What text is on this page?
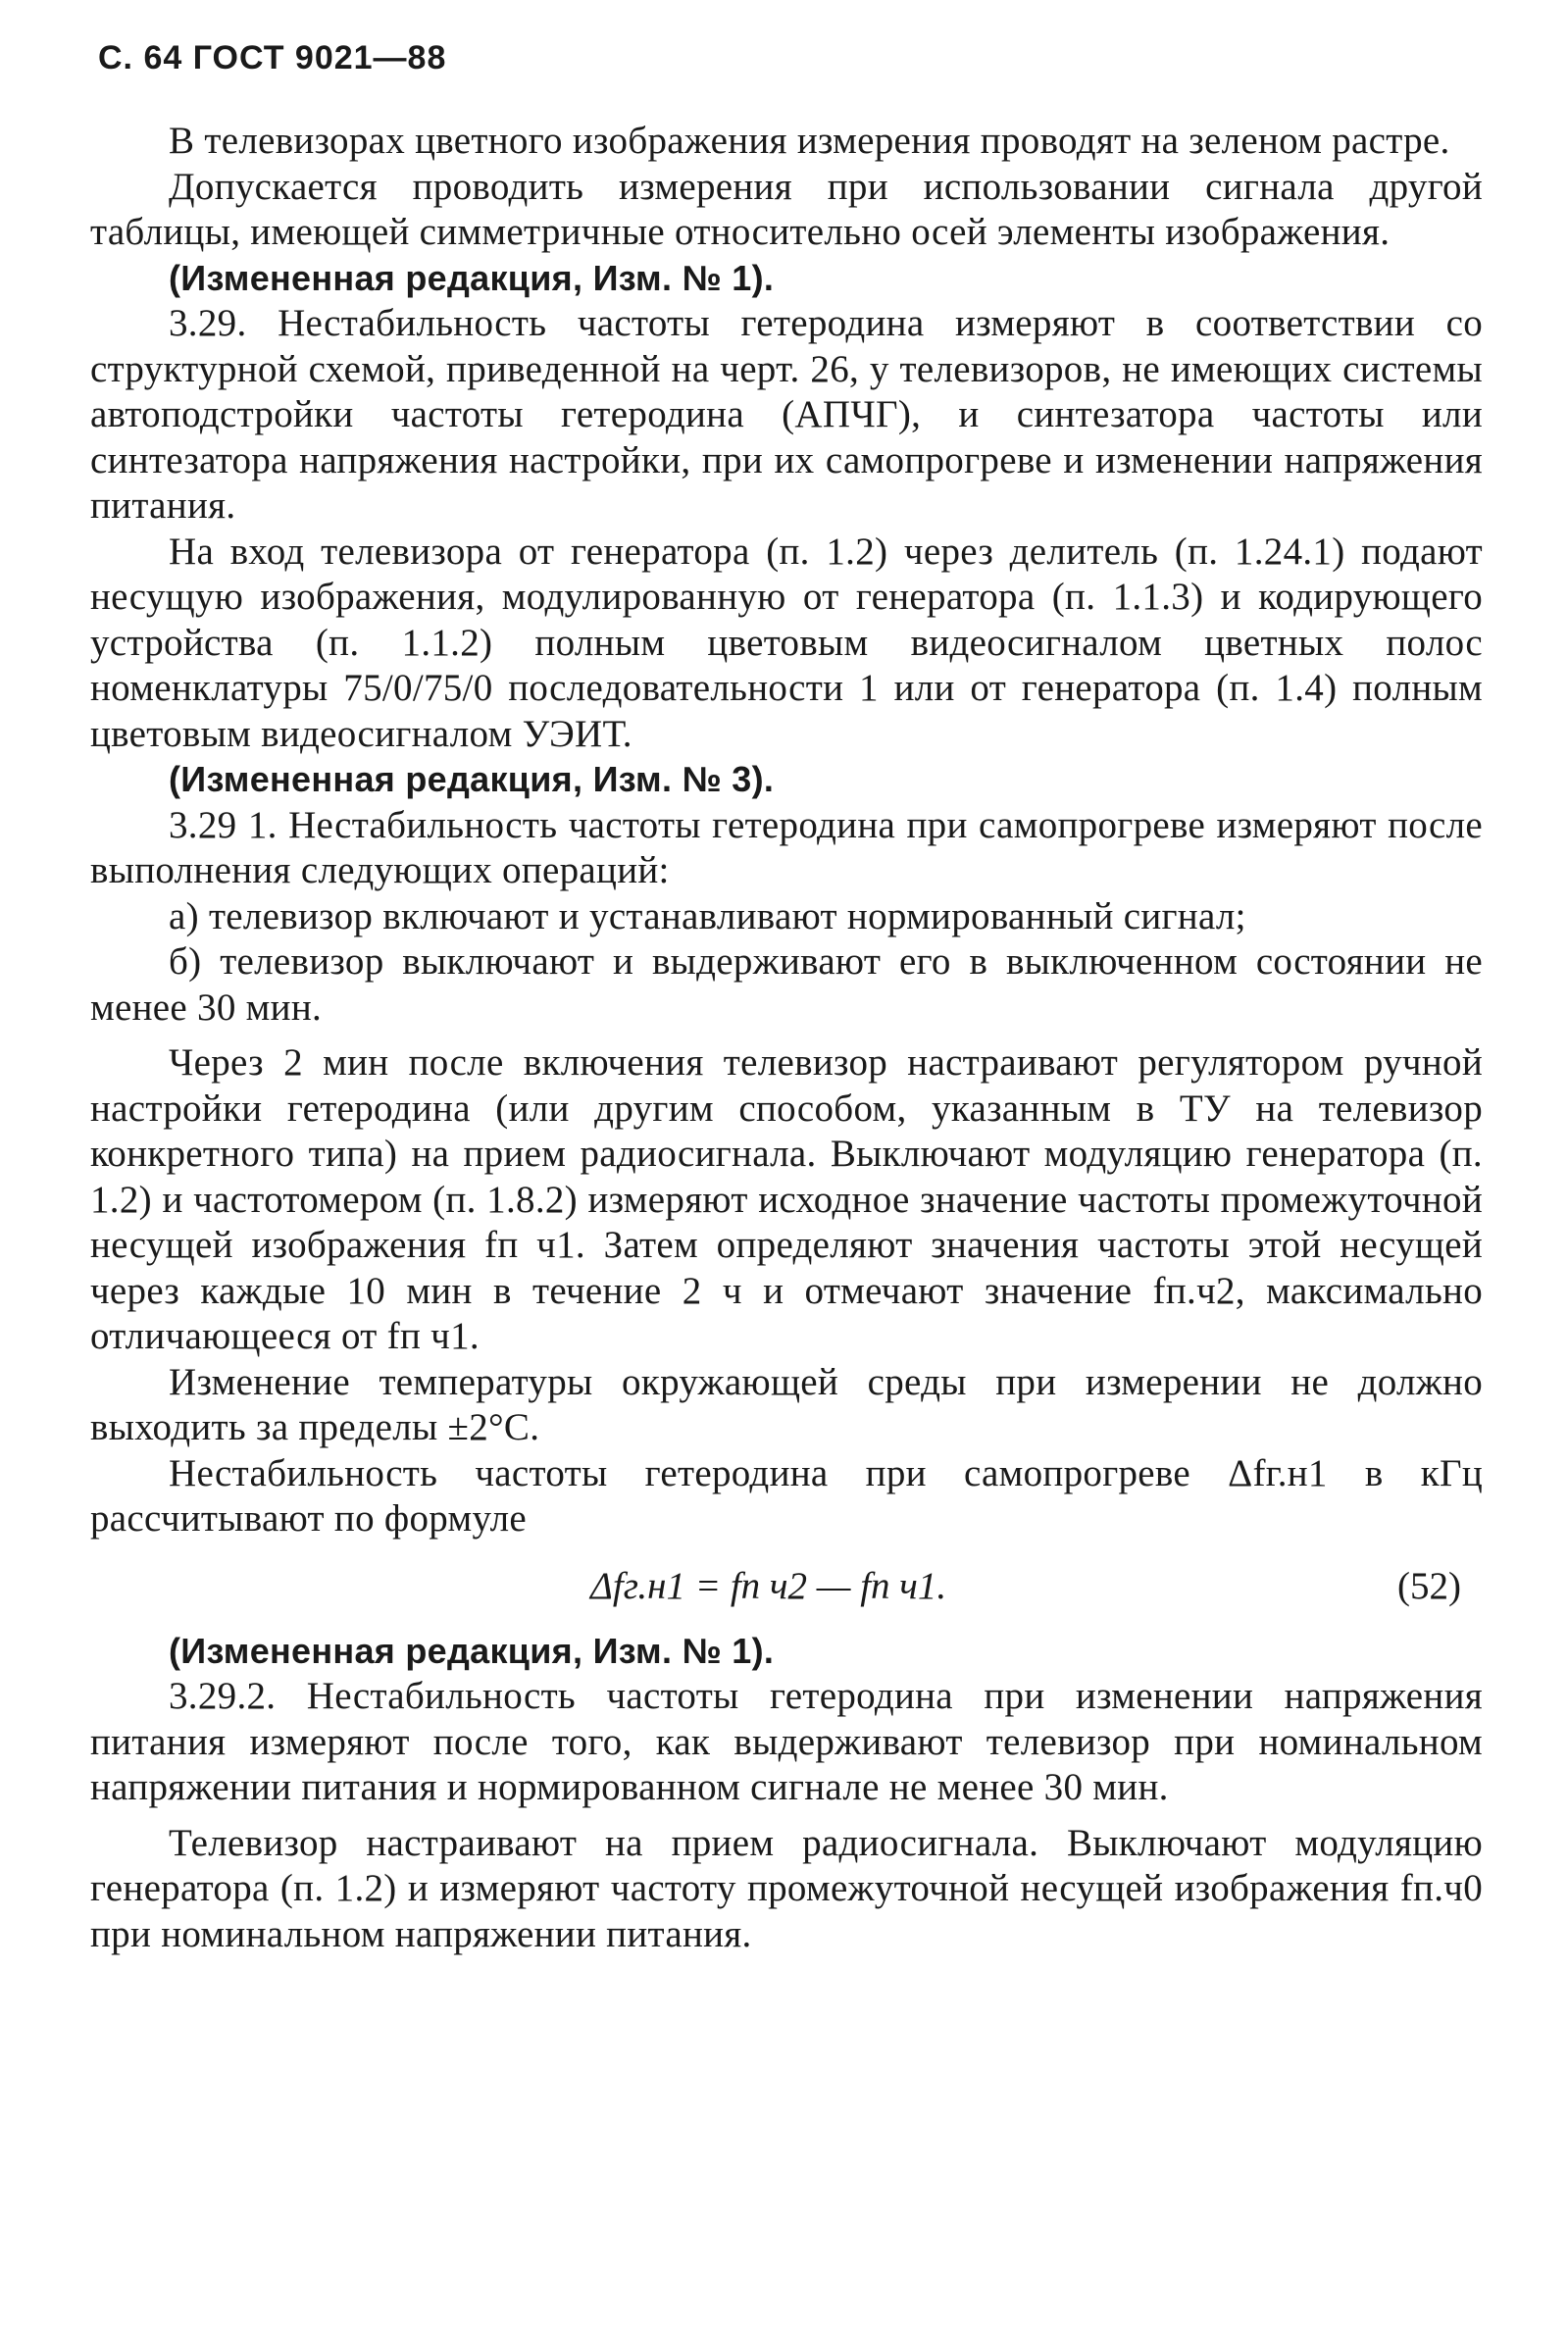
С. 64 ГОСТ 9021—88

В телевизорах цветного изображения измерения проводят на зеленом растре.

Допускается проводить измерения при использовании сигнала другой таблицы, имеющей симметричные относительно осей элементы изображения.

(Измененная редакция, Изм. № 1).

3.29. Нестабильность частоты гетеродина измеряют в соответствии со структурной схемой, приведенной на черт. 26, у телевизоров, не имеющих системы автоподстройки частоты гетеродина (АПЧГ), и синтезатора частоты или синтезатора напряжения настройки, при их самопрогреве и изменении напряжения питания.

На вход телевизора от генератора (п. 1.2) через делитель (п. 1.24.1) подают несущую изображения, модулированную от генератора (п. 1.1.3) и кодирующего устройства (п. 1.1.2) полным цветовым видеосигналом цветных полос номенклатуры 75/0/75/0 последовательности 1 или от генератора (п. 1.4) полным цветовым видеосигналом УЭИТ.

(Измененная редакция, Изм. № 3).

3.29 1. Нестабильность частоты гетеродина при самопрогреве измеряют после выполнения следующих операций:

а) телевизор включают и устанавливают нормированный сигнал;

б) телевизор выключают и выдерживают его в выключенном состоянии не менее 30 мин.

Через 2 мин после включения телевизор настраивают регулятором ручной настройки гетеродина (или другим способом, указанным в ТУ на телевизор конкретного типа) на прием радиосигнала. Выключают модуляцию генератора (п. 1.2) и частотомером (п. 1.8.2) измеряют исходное значение частоты промежуточной несущей изображения fп ч1. Затем определяют значения частоты этой несущей через каждые 10 мин в течение 2 ч и отмечают значение fп.ч2, максимально отличающееся от fп ч1.

Изменение температуры окружающей среды при измерении не должно выходить за пределы ±2°С.

Нестабильность частоты гетеродина при самопрогреве Δfг.н1 в кГц рассчитывают по формуле

Δfг.н1 = fп ч2 — fп ч1.	(52)

(Измененная редакция, Изм. № 1).

3.29.2. Нестабильность частоты гетеродина при изменении напряжения питания измеряют после того, как выдерживают телевизор при номинальном напряжении питания и нормированном сигнале не менее 30 мин.

Телевизор настраивают на прием радиосигнала. Выключают модуляцию генератора (п. 1.2) и измеряют частоту промежуточной несущей изображения fп.ч0 при номинальном напряжении питания.
